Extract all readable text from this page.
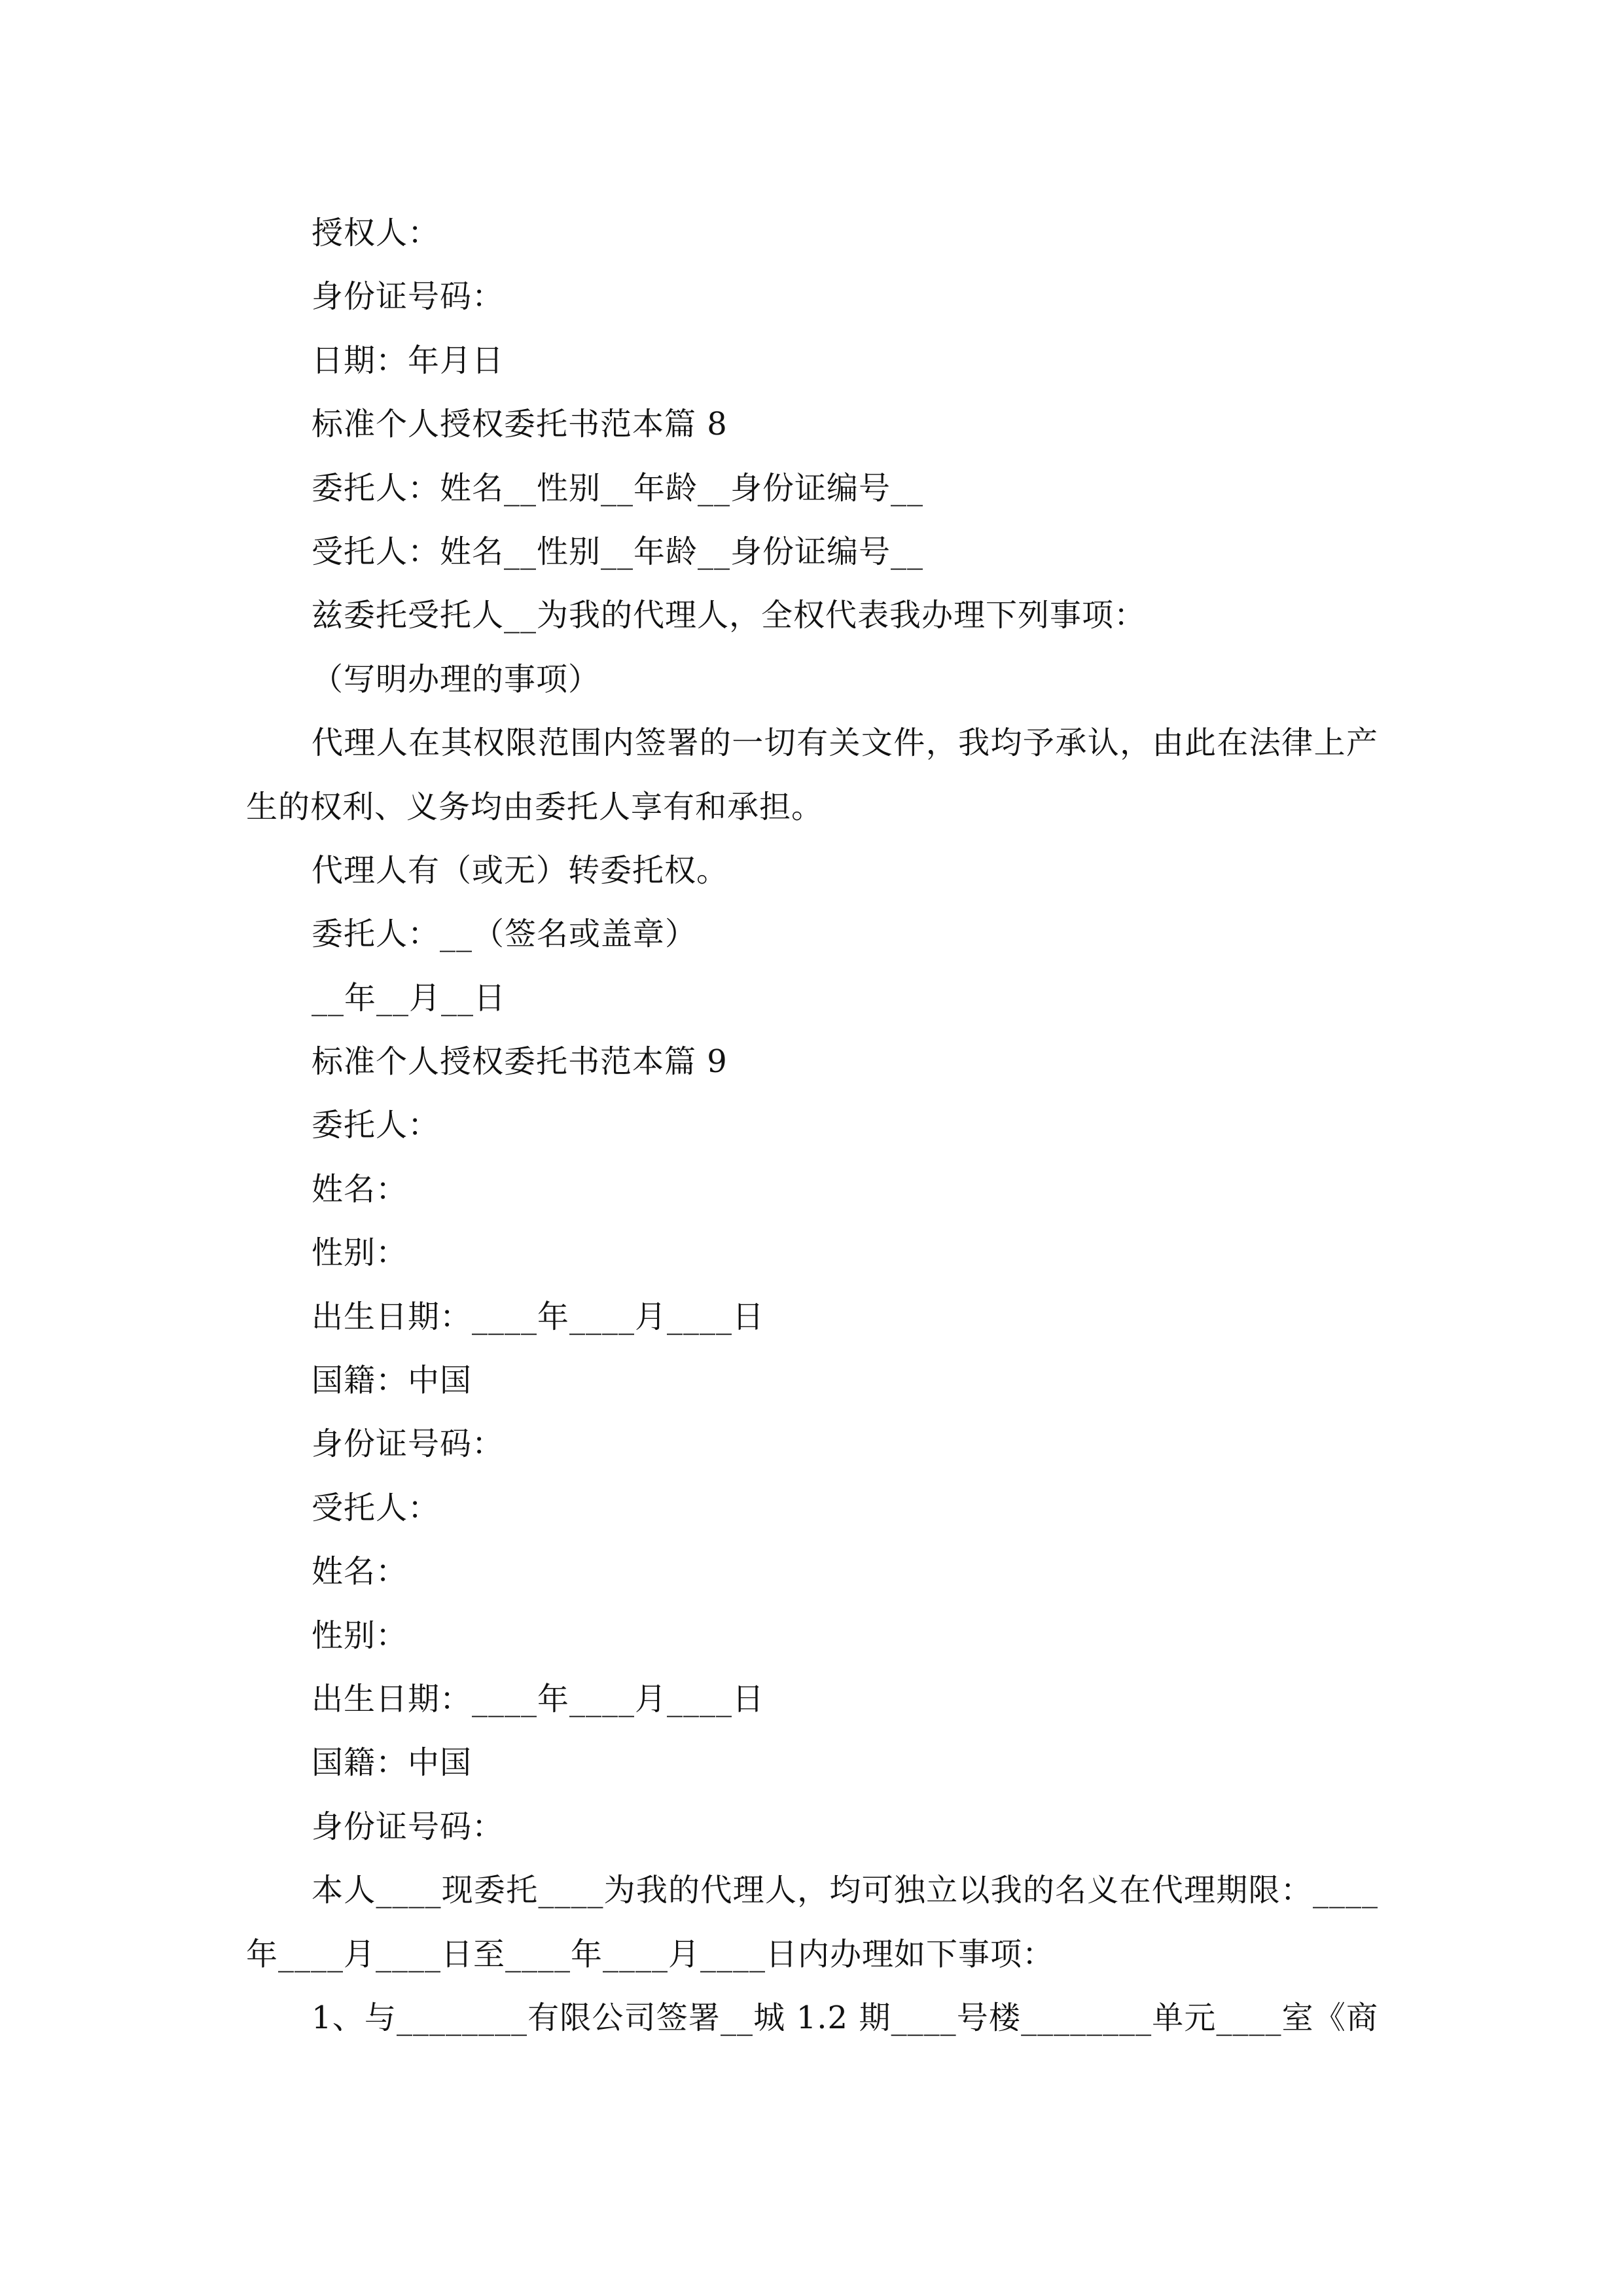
授权人：
身份证号码：
日期：年月日
标准个人授权委托书范本篇 8
委托人：姓名__性别__年龄__身份证编号__
受托人：姓名__性别__年龄__身份证编号__
兹委托受托人__为我的代理人，全权代表我办理下列事项：
（写明办理的事项）
代理人在其权限范围内签署的一切有关文件，我均予承认，由此在法律上产
生的权利、义务均由委托人享有和承担。
代理人有（或无）转委托权。
委托人：__（签名或盖章）
__年__月__日
标准个人授权委托书范本篇 9
委托人：
姓名：
性别：
出生日期：____年____月____日
国籍：中国
身份证号码：
受托人：
姓名：
性别：
出生日期：____年____月____日
国籍：中国
身份证号码：
本人____现委托____为我的代理人，均可独立以我的名义在代理期限：____
年____月____日至____年____月____日内办理如下事项：
1、与________有限公司签署__城 1.2 期____号楼________单元____室《商
